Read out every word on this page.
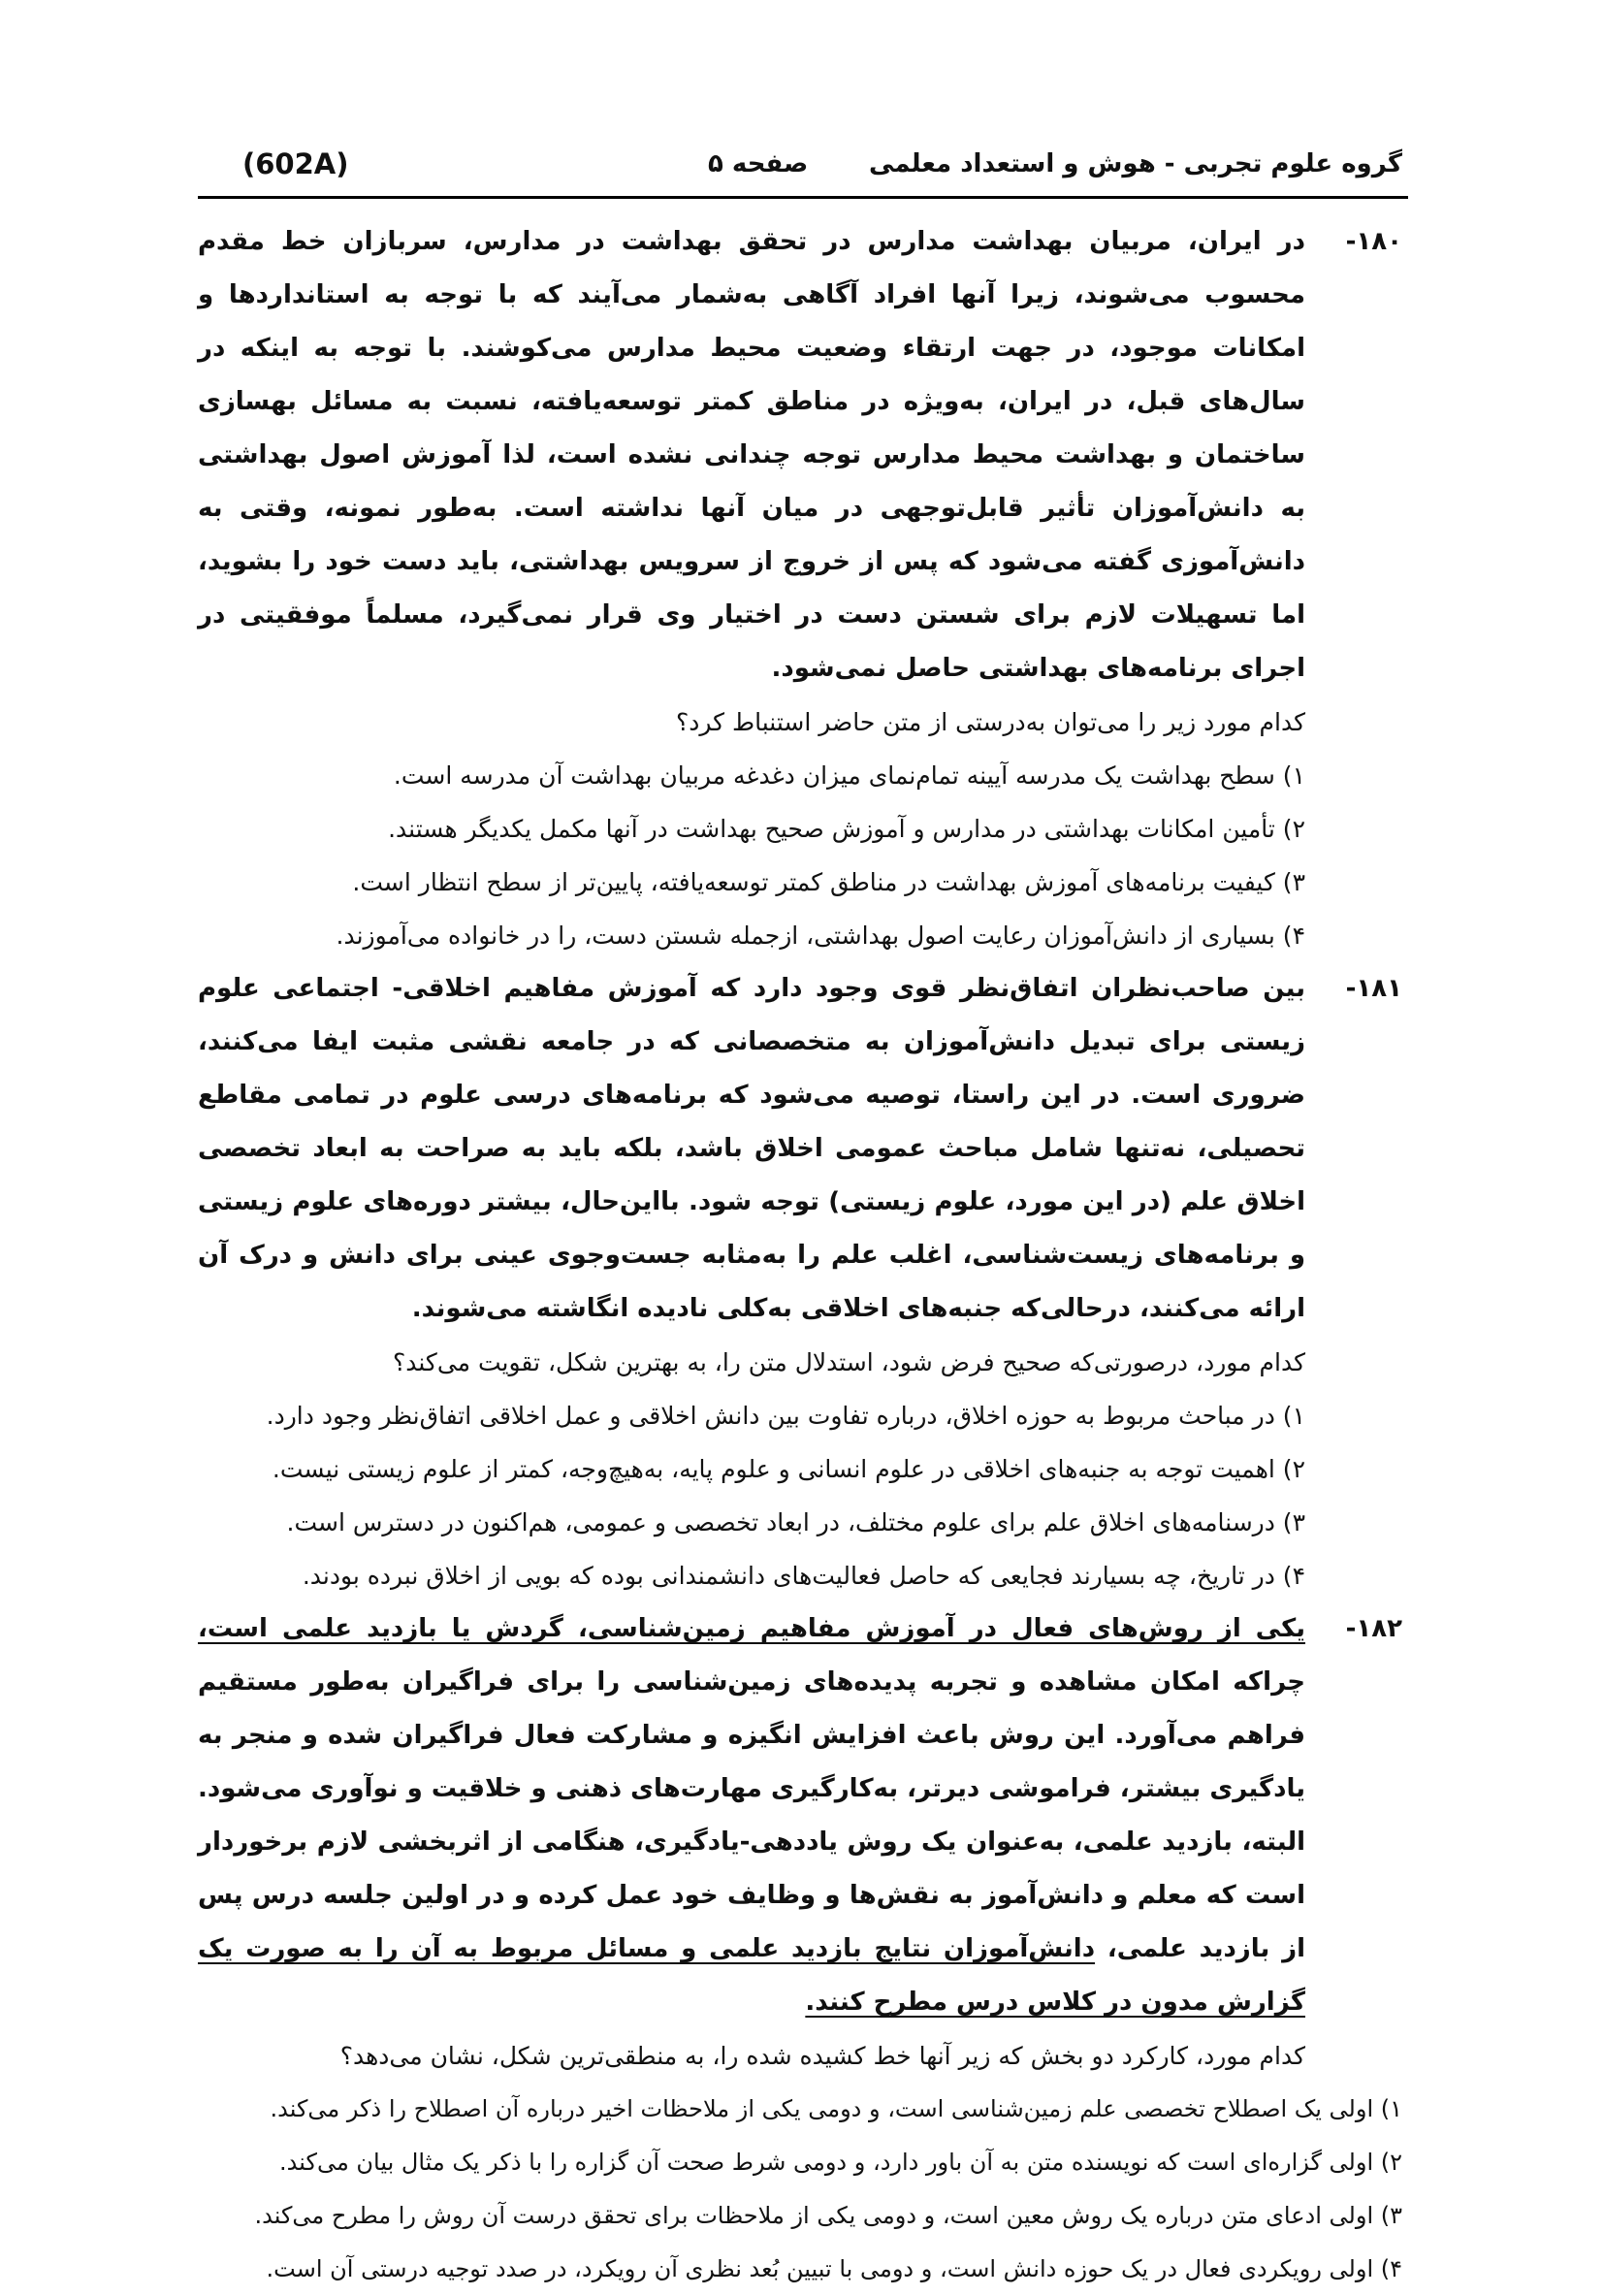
گروه علوم تجربی - هوش و استعداد معلمی
صفحه ۵
(602A)
۱۸۰-

در ایران، مربیان بهداشت مدارس در تحقق بهداشت در مدارس، سربازان خط مقدم محسوب می‌شوند، زیرا آنها افراد آگاهی به‌شمار می‌آیند که با توجه به استانداردها و امکانات موجود، در جهت ارتقاء وضعیت محیط مدارس می‌کوشند. با توجه به اینکه در سال‌های قبل، در ایران، به‌ویژه در مناطق کمتر توسعه‌یافته، نسبت به مسائل بهسازی ساختمان و بهداشت محیط مدارس توجه چندانی نشده است، لذا آموزش اصول بهداشتی به دانش‌آموزان تأثیر قابل‌توجهی در میان آنها نداشته است. به‌طور نمونه، وقتی به دانش‌آموزی گفته می‌شود که پس از خروج از سرویس بهداشتی، باید دست خود را بشوید، اما تسهیلات لازم برای شستن دست در اختیار وی قرار نمی‌گیرد، مسلماً موفقیتی در اجرای برنامه‌های بهداشتی حاصل نمی‌شود.

کدام مورد زیر را می‌توان به‌درستی از متن حاضر استنباط کرد؟

۱) سطح بهداشت یک مدرسه آیینه تمام‌نمای میزان دغدغه مربیان بهداشت آن مدرسه است.

۲) تأمین امکانات بهداشتی در مدارس و آموزش صحیح بهداشت در آنها مکمل یکدیگر هستند.

۳) کیفیت برنامه‌های آموزش بهداشت در مناطق کمتر توسعه‌یافته، پایین‌تر از سطح انتظار است.

۴) بسیاری از دانش‌آموزان رعایت اصول بهداشتی، ازجمله شستن دست، را در خانواده می‌آموزند.

۱۸۱-

بین صاحب‌نظران اتفاق‌نظر قوی وجود دارد که آموزش مفاهیم اخلاقی- اجتماعی علوم زیستی برای تبدیل دانش‌آموزان به متخصصانی که در جامعه نقشی مثبت ایفا می‌کنند، ضروری است. در این راستا، توصیه می‌شود که برنامه‌های درسی علوم در تمامی مقاطع تحصیلی، نه‌تنها شامل مباحث عمومی اخلاق باشد، بلکه باید به صراحت به ابعاد تخصصی اخلاق علم (در این مورد، علوم زیستی) توجه شود. بااین‌حال، بیشتر دوره‌های علوم زیستی و برنامه‌های زیست‌شناسی، اغلب علم را به‌مثابه جست‌وجوی عینی برای دانش و درک آن ارائه می‌کنند، درحالی‌که جنبه‌های اخلاقی به‌کلی نادیده انگاشته می‌شوند.

کدام مورد، درصورتی‌که صحیح فرض شود، استدلال متن را، به بهترین شکل، تقویت می‌کند؟

۱) در مباحث مربوط به حوزه اخلاق، درباره تفاوت بین دانش اخلاقی و عمل اخلاقی اتفاق‌نظر وجود دارد.

۲) اهمیت توجه به جنبه‌های اخلاقی در علوم انسانی و علوم پایه، به‌هیچ‌وجه، کمتر از علوم زیستی نیست.

۳) درسنامه‌های اخلاق علم برای علوم مختلف، در ابعاد تخصصی و عمومی، هم‌اکنون در دسترس است.

۴) در تاریخ، چه بسیارند فجایعی که حاصل فعالیت‌های دانشمندانی بوده که بویی از اخلاق نبرده بودند.

۱۸۲-

یکی از روش‌های فعال در آموزش مفاهیم زمین‌شناسی، گردش یا بازدید علمی است، چراکه امکان مشاهده و تجربه پدیده‌های زمین‌شناسی را برای فراگیران به‌طور مستقیم فراهم می‌آورد. این روش باعث افزایش انگیزه و مشارکت فعال فراگیران شده و منجر به یادگیری بیشتر، فراموشی دیرتر، به‌کارگیری مهارت‌های ذهنی و خلاقیت و نوآوری می‌شود. البته، بازدید علمی، به‌عنوان یک روش یاددهی-یادگیری، هنگامی از اثربخشی لازم برخوردار است که معلم و دانش‌آموز به نقش‌ها و وظایف خود عمل کرده و در اولین جلسه درس پس از بازدید علمی، دانش‌آموزان نتایج بازدید علمی و مسائل مربوط به آن را به صورت یک گزارش مدون در کلاس درس مطرح کنند.

کدام مورد، کارکرد دو بخش که زیر آنها خط کشیده شده را، به منطقی‌ترین شکل، نشان می‌دهد؟

۱) اولی یک اصطلاح تخصصی علم زمین‌شناسی است، و دومی یکی از ملاحظات اخیر درباره آن اصطلاح را ذکر می‌کند.

۲) اولی گزاره‌ای است که نویسنده متن به آن باور دارد، و دومی شرط صحت آن گزاره را با ذکر یک مثال بیان می‌کند.

۳) اولی ادعای متن درباره یک روش معین است، و دومی یکی از ملاحظات برای تحقق درست آن روش را مطرح می‌کند.

۴) اولی رویکردی فعال در یک حوزه دانش است، و دومی با تبیین بُعد نظری آن رویکرد، در صدد توجیه درستی آن است.
